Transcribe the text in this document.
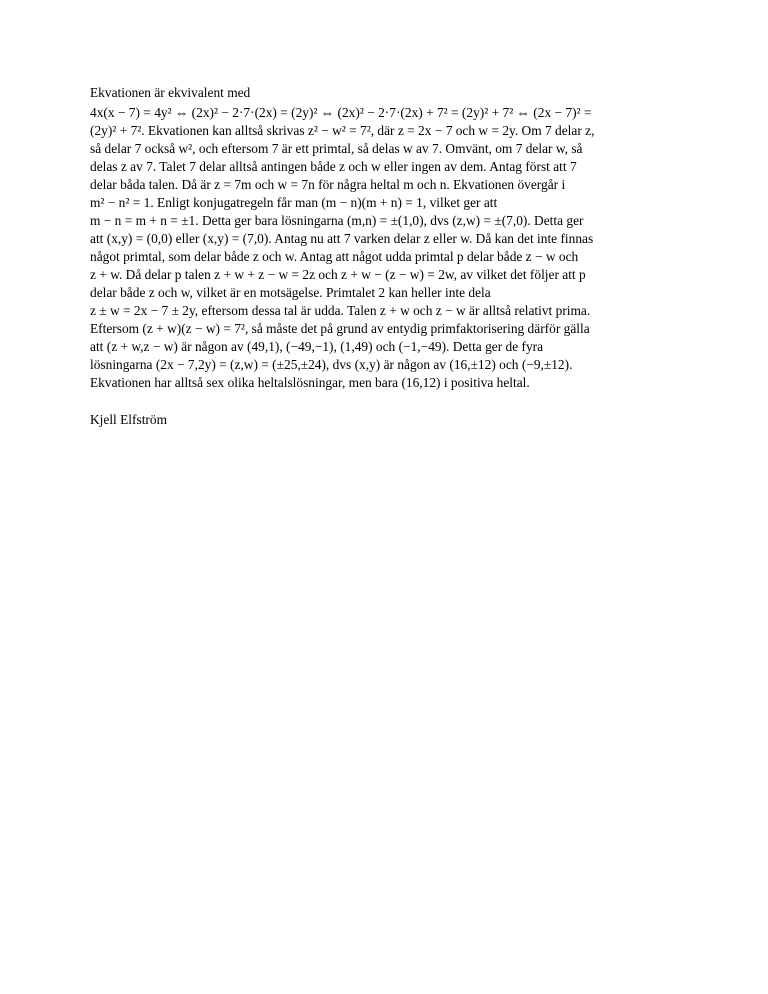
Ekvationen är ekvivalent med

4x(x − 7) = 4y² ⇔ (2x)² − 2·7·(2x) = (2y)² ⇔ (2x)² − 2·7·(2x) + 7² = (2y)² + 7² ⇔ (2x − 7)² =
(2y)² + 7². Ekvationen kan alltså skrivas z² − w² = 7², där z = 2x − 7 och w = 2y. Om 7 delar z,
så delar 7 också w², och eftersom 7 är ett primtal, så delas w av 7. Omvänt, om 7 delar w, så
delas z av 7. Talet 7 delar alltså antingen både z och w eller ingen av dem. Antag först att 7
delar båda talen. Då är z = 7m och w = 7n för några heltal m och n. Ekvationen övergår i
m² − n² = 1. Enligt konjugatregeln får man (m − n)(m + n) = 1, vilket ger att
m − n = m + n = ±1. Detta ger bara lösningarna (m,n) = ±(1,0), dvs (z,w) = ±(7,0). Detta ger
att (x,y) = (0,0) eller (x,y) = (7,0). Antag nu att 7 varken delar z eller w. Då kan det inte finnas
något primtal, som delar både z och w. Antag att något udda primtal p delar både z − w och
z + w. Då delar p talen z + w + z − w = 2z och z + w − (z − w) = 2w, av vilket det följer att p
delar både z och w, vilket är en motsägelse. Primtalet 2 kan heller inte dela
z ± w = 2x − 7 ± 2y, eftersom dessa tal är udda. Talen z + w och z − w är alltså relativt prima.
Eftersom (z + w)(z − w) = 7², så måste det på grund av entydig primfaktorisering därför gälla
att (z + w,z − w) är någon av (49,1), (−49,−1), (1,49) och (−1,−49). Detta ger de fyra
lösningarna (2x − 7,2y) = (z,w) = (±25,±24), dvs (x,y) är någon av (16,±12) och (−9,±12).
Ekvationen har alltså sex olika heltalslösningar, men bara (16,12) i positiva heltal.

Kjell Elfström
